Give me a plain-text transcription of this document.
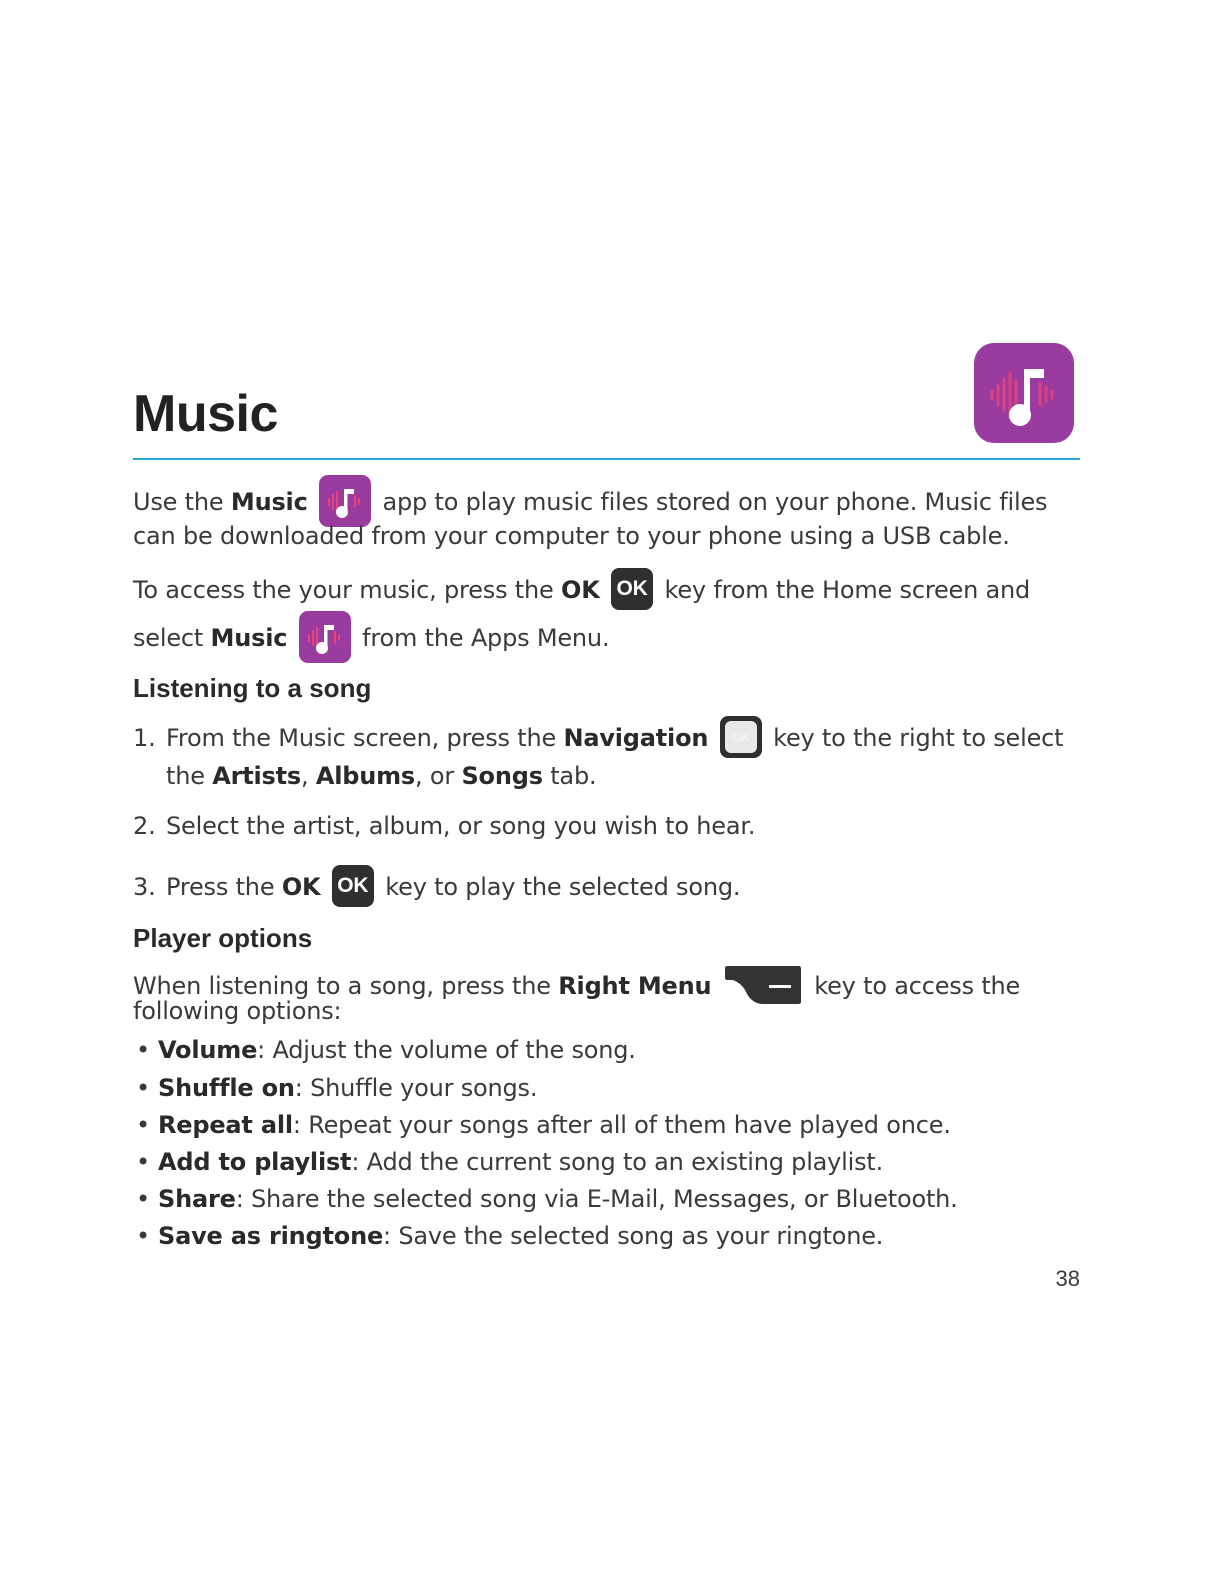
Music
Use the Music	app to play music files stored on your phone. Music files
can be downloaded from your computer to your phone using a USB cable.
To access the your music, press the OK OK key from the Home screen and
select Music	from the Apps Menu.
Listening to a song
1. From the Music screen, press the Navigation	OK key to the right to select
the Artists, Albums, or Songs tab.
2. Select the artist, album, or song you wish to hear.
3. Press the OK OK key to play the selected song.
Player options
When listening to a song, press the Right Menu	key to access the
following options:
• Volume: Adjust the volume of the song.
• Shuffle on: Shuffle your songs.
• Repeat all: Repeat your songs after all of them have played once.
• Add to playlist: Add the current song to an existing playlist.
• Share: Share the selected song via E-Mail, Messages, or Bluetooth.
• Save as ringtone: Save the selected song as your ringtone.
38
